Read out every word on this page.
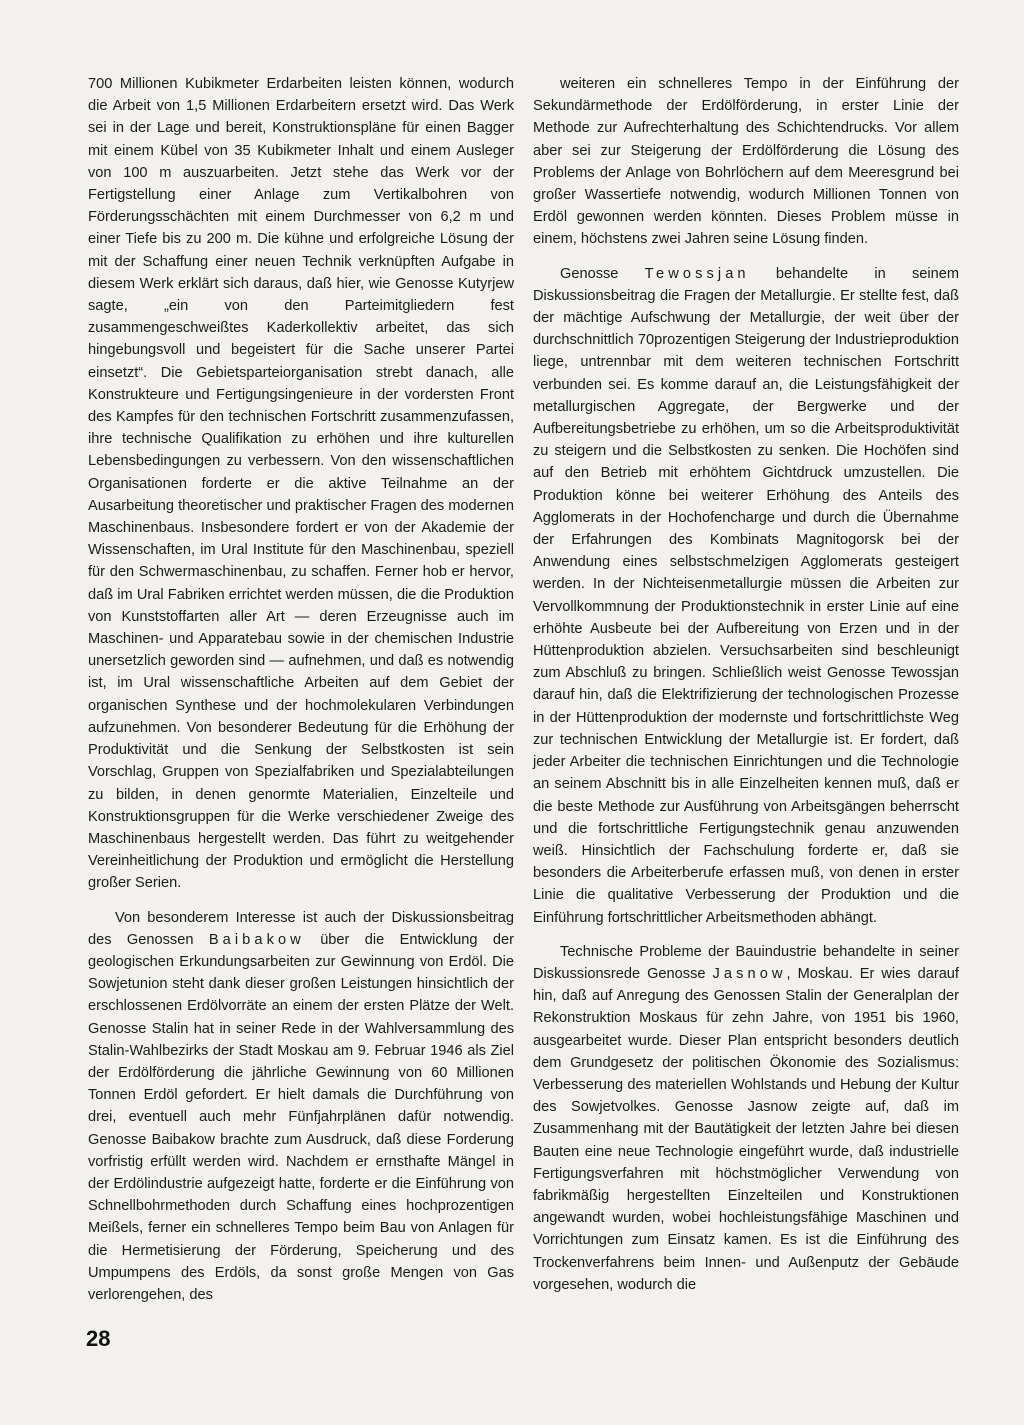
700 Millionen Kubikmeter Erdarbeiten leisten können, wodurch die Arbeit von 1,5 Millionen Erdarbeitern ersetzt wird. Das Werk sei in der Lage und bereit, Konstruktionspläne für einen Bagger mit einem Kübel von 35 Kubikmeter Inhalt und einem Ausleger von 100 m auszuarbeiten. Jetzt stehe das Werk vor der Fertigstellung einer Anlage zum Vertikalbohren von Förderungsschächten mit einem Durchmesser von 6,2 m und einer Tiefe bis zu 200 m. Die kühne und erfolgreiche Lösung der mit der Schaffung einer neuen Technik verknüpften Aufgabe in diesem Werk erklärt sich daraus, daß hier, wie Genosse Kutyrjew sagte, „ein von den Parteimitgliedern fest zusammengeschweißtes Kaderkollektiv arbeitet, das sich hingebungsvoll und begeistert für die Sache unserer Partei einsetzt“. Die Gebietsparteiorganisation strebt danach, alle Konstrukteure und Fertigungsingenieure in der vordersten Front des Kampfes für den technischen Fortschritt zusammenzufassen, ihre technische Qualifikation zu erhöhen und ihre kulturellen Lebensbedingungen zu verbessern. Von den wissenschaftlichen Organisationen forderte er die aktive Teilnahme an der Ausarbeitung theoretischer und praktischer Fragen des modernen Maschinenbaus. Insbesondere fordert er von der Akademie der Wissenschaften, im Ural Institute für den Maschinenbau, speziell für den Schwermaschinenbau, zu schaffen. Ferner hob er hervor, daß im Ural Fabriken errichtet werden müssen, die die Produktion von Kunststoffarten aller Art — deren Erzeugnisse auch im Maschinen- und Apparatebau sowie in der chemischen Industrie unersetzlich geworden sind — aufnehmen, und daß es notwendig ist, im Ural wissenschaftliche Arbeiten auf dem Gebiet der organischen Synthese und der hochmolekularen Verbindungen aufzunehmen. Von besonderer Bedeutung für die Erhöhung der Produktivität und die Senkung der Selbstkosten ist sein Vorschlag, Gruppen von Spezialfabriken und Spezialabteilungen zu bilden, in denen genormte Materialien, Einzelteile und Konstruktionsgruppen für die Werke verschiedener Zweige des Maschinenbaus hergestellt werden. Das führt zu weitgehender Vereinheitlichung der Produktion und ermöglicht die Herstellung großer Serien.

Von besonderem Interesse ist auch der Diskussionsbeitrag des Genossen Baibakow über die Entwicklung der geologischen Erkundungsarbeiten zur Gewinnung von Erdöl. Die Sowjetunion steht dank dieser großen Leistungen hinsichtlich der erschlossenen Erdölvorräte an einem der ersten Plätze der Welt. Genosse Stalin hat in seiner Rede in der Wahlversammlung des Stalin-Wahlbezirks der Stadt Moskau am 9. Februar 1946 als Ziel der Erdölförderung die jährliche Gewinnung von 60 Millionen Tonnen Erdöl gefordert. Er hielt damals die Durchführung von drei, eventuell auch mehr Fünfjahrplänen dafür notwendig. Genosse Baibakow brachte zum Ausdruck, daß diese Forderung vorfristig erfüllt werden wird. Nachdem er ernsthafte Mängel in der Erdölindustrie aufgezeigt hatte, forderte er die Einführung von Schnellbohrmethoden durch Schaffung eines hochprozentigen Meißels, ferner ein schnelleres Tempo beim Bau von Anlagen für die Hermetisierung der Förderung, Speicherung und des Umpumpens des Erdöls, da sonst große Mengen von Gas verlorengehen, des

weiteren ein schnelleres Tempo in der Einführung der Sekundärmethode der Erdölförderung, in erster Linie der Methode zur Aufrechterhaltung des Schichtendrucks. Vor allem aber sei zur Steigerung der Erdölförderung die Lösung des Problems der Anlage von Bohrlöchern auf dem Meeresgrund bei großer Wassertiefe notwendig, wodurch Millionen Tonnen von Erdöl gewonnen werden könnten. Dieses Problem müsse in einem, höchstens zwei Jahren seine Lösung finden.

Genosse Tewossjan behandelte in seinem Diskussionsbeitrag die Fragen der Metallurgie. Er stellte fest, daß der mächtige Aufschwung der Metallurgie, der weit über der durchschnittlich 70prozentigen Steigerung der Industrieproduktion liege, untrennbar mit dem weiteren technischen Fortschritt verbunden sei. Es komme darauf an, die Leistungsfähigkeit der metallurgischen Aggregate, der Bergwerke und der Aufbereitungsbetriebe zu erhöhen, um so die Arbeitsproduktivität zu steigern und die Selbstkosten zu senken. Die Hochöfen sind auf den Betrieb mit erhöhtem Gichtdruck umzustellen. Die Produktion könne bei weiterer Erhöhung des Anteils des Agglomerats in der Hochofencharge und durch die Übernahme der Erfahrungen des Kombinats Magnitogorsk bei der Anwendung eines selbstschmelzigen Agglomerats gesteigert werden. In der Nichteisenmetallurgie müssen die Arbeiten zur Vervollkommnung der Produktionstechnik in erster Linie auf eine erhöhte Ausbeute bei der Aufbereitung von Erzen und in der Hüttenproduktion abzielen. Versuchsarbeiten sind beschleunigt zum Abschluß zu bringen. Schließlich weist Genosse Tewossjan darauf hin, daß die Elektrifizierung der technologischen Prozesse in der Hüttenproduktion der modernste und fortschrittlichste Weg zur technischen Entwicklung der Metallurgie ist. Er fordert, daß jeder Arbeiter die technischen Einrichtungen und die Technologie an seinem Abschnitt bis in alle Einzelheiten kennen muß, daß er die beste Methode zur Ausführung von Arbeitsgängen beherrscht und die fortschrittliche Fertigungstechnik genau anzuwenden weiß. Hinsichtlich der Fachschulung forderte er, daß sie besonders die Arbeiterberufe erfassen muß, von denen in erster Linie die qualitative Verbesserung der Produktion und die Einführung fortschrittlicher Arbeitsmethoden abhängt.

Technische Probleme der Bauindustrie behandelte in seiner Diskussionsrede Genosse Jasnow, Moskau. Er wies darauf hin, daß auf Anregung des Genossen Stalin der Generalplan der Rekonstruktion Moskaus für zehn Jahre, von 1951 bis 1960, ausgearbeitet wurde. Dieser Plan entspricht besonders deutlich dem Grundgesetz der politischen Ökonomie des Sozialismus: Verbesserung des materiellen Wohlstands und Hebung der Kultur des Sowjetvolkes. Genosse Jasnow zeigte auf, daß im Zusammenhang mit der Bautätigkeit der letzten Jahre bei diesen Bauten eine neue Technologie eingeführt wurde, daß industrielle Fertigungsverfahren mit höchstmöglicher Verwendung von fabrikmäßig hergestellten Einzelteilen und Konstruktionen angewandt wurden, wobei hochleistungsfähige Maschinen und Vorrichtungen zum Einsatz kamen. Es ist die Einführung des Trockenverfahrens beim Innen- und Außenputz der Gebäude vorgesehen, wodurch die

28
